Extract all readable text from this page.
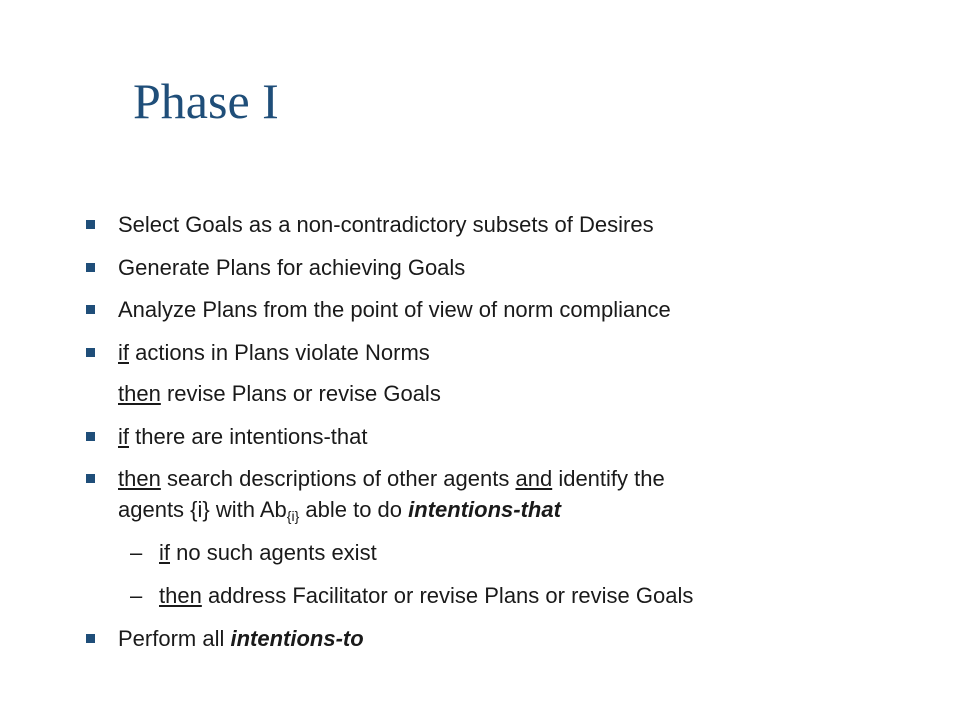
Phase I
Select Goals as a non-contradictory subsets of Desires
Generate Plans for achieving Goals
Analyze Plans from the point of view of norm compliance
if actions in Plans violate Norms
then revise Plans or revise Goals
if there are intentions-that
then search descriptions of other agents and identify the
agents {i} with $Ab_{\{i\}}$ able to do intentions-that
– if no such agents exist
– then address Facilitator or revise Plans or revise Goals
Perform all intentions-to
